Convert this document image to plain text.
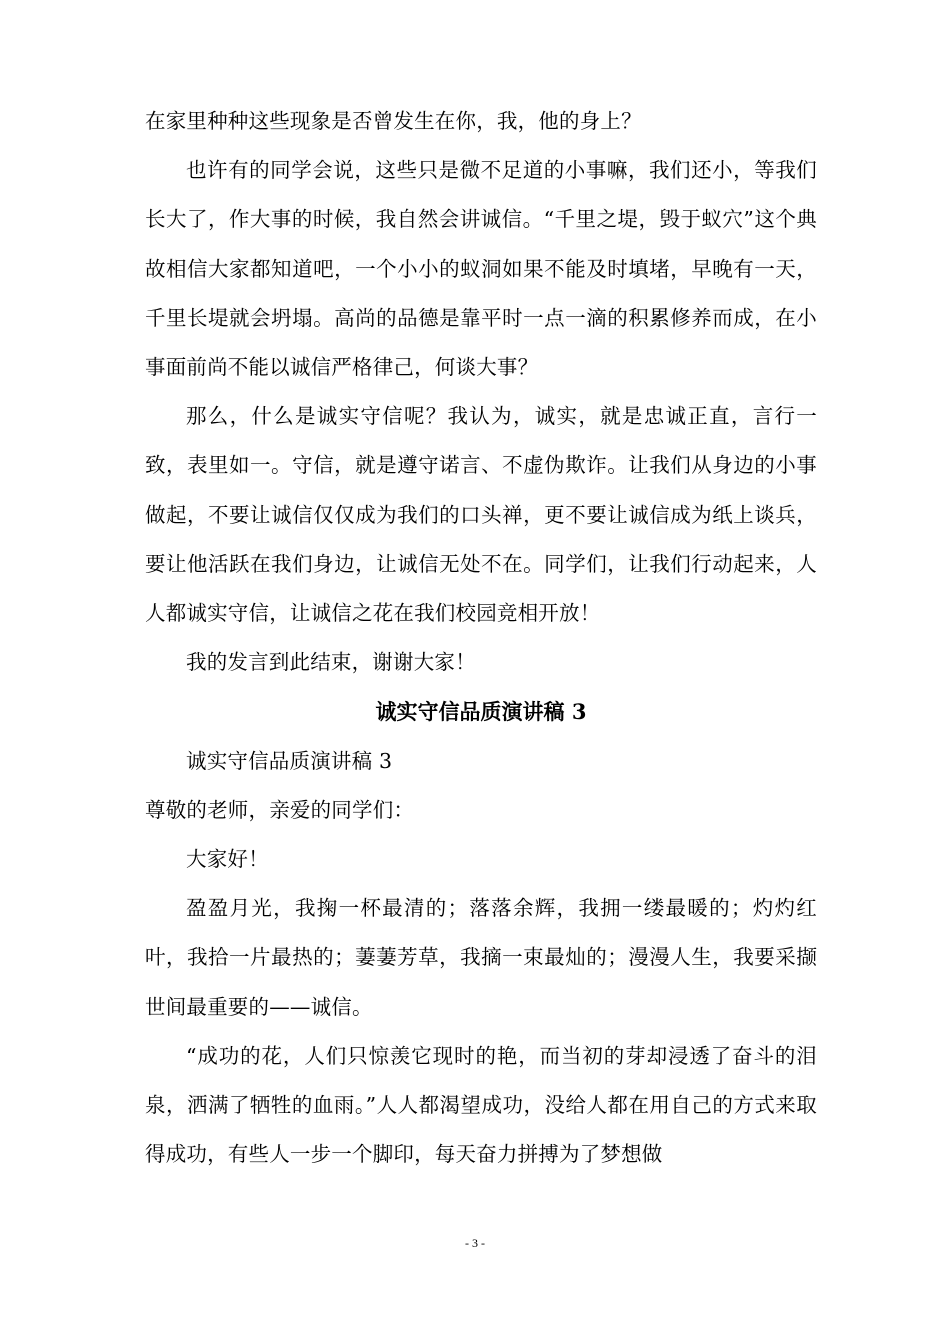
在家里种种这些现象是否曾发生在你，我，他的身上？

也许有的同学会说，这些只是微不足道的小事嘛，我们还小，等我们长大了，作大事的时候，我自然会讲诚信。“千里之堤，毁于蚁穴”这个典故相信大家都知道吧，一个小小的蚁洞如果不能及时填堵，早晚有一天，千里长堤就会坍塌。高尚的品德是靠平时一点一滴的积累修养而成，在小事面前尚不能以诚信严格律己，何谈大事？

那么，什么是诚实守信呢？我认为，诚实，就是忠诚正直，言行一致，表里如一。守信，就是遵守诺言、不虚伪欺诈。让我们从身边的小事做起，不要让诚信仅仅成为我们的口头禅，更不要让诚信成为纸上谈兵，要让他活跃在我们身边，让诚信无处不在。同学们，让我们行动起来，人人都诚实守信，让诚信之花在我们校园竞相开放！

我的发言到此结束，谢谢大家！

诚实守信品质演讲稿 3

诚实守信品质演讲稿 3

尊敬的老师，亲爱的同学们：

大家好！

盈盈月光，我掬一杯最清的；落落余辉，我拥一缕最暖的；灼灼红叶，我拾一片最热的；萋萋芳草，我摘一束最灿的；漫漫人生，我要采撷世间最重要的——诚信。

“成功的花，人们只惊羡它现时的艳，而当初的芽却浸透了奋斗的泪泉，洒满了牺牲的血雨。”人人都渴望成功，没给人都在用自己的方式来取得成功，有些人一步一个脚印，每天奋力拼搏为了梦想做

- 3 -
